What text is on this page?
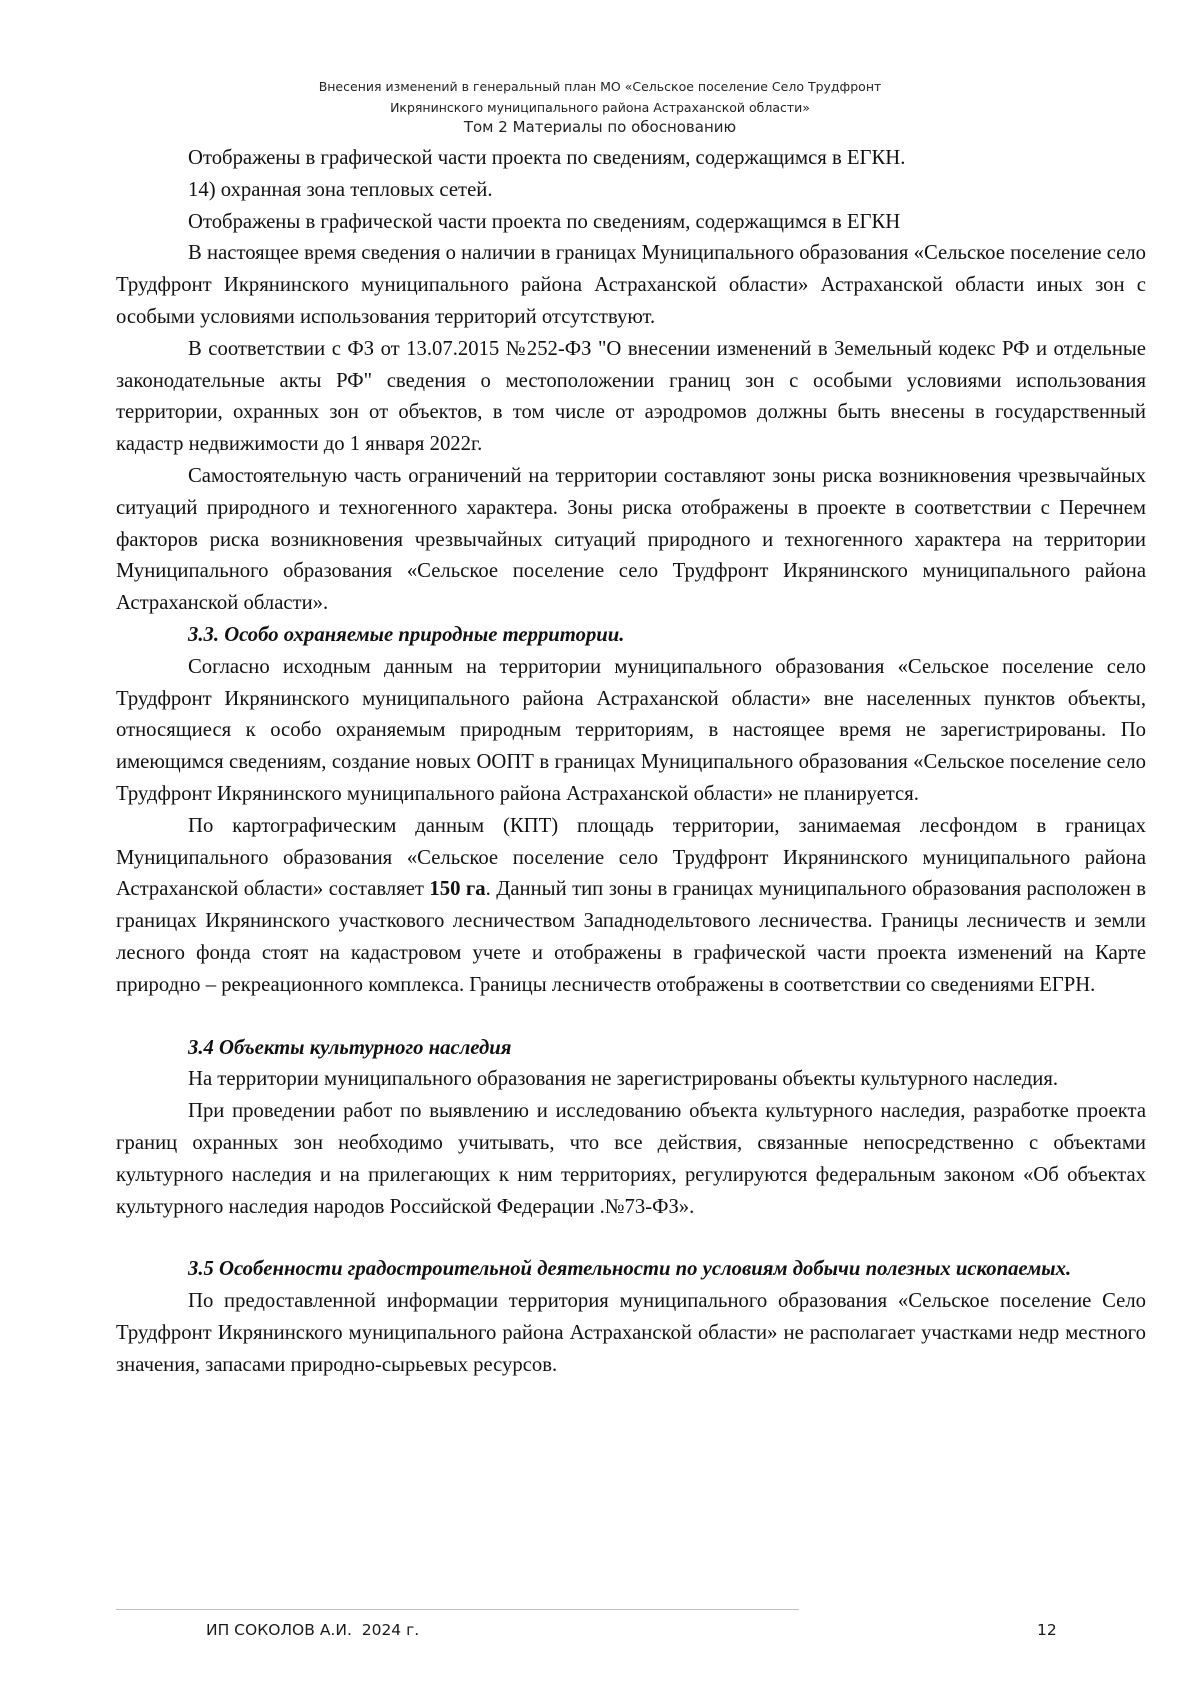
Внесения изменений в генеральный план МО «Сельское поселение Село Трудфронт
Икрянинского муниципального района Астраханской области»
Том 2 Материалы по обоснованию

Отображены в графической части проекта по сведениям, содержащимся в ЕГКН.

14) охранная зона тепловых сетей.

Отображены в графической части проекта по сведениям, содержащимся в ЕГКН

В настоящее время сведения о наличии в границах Муниципального образования «Сельское поселение село Трудфронт Икрянинского муниципального района Астраханской области» Астраханской области иных зон с особыми условиями использования территорий отсутствуют.

В соответствии с ФЗ от 13.07.2015 №252-ФЗ "О внесении изменений в Земельный кодекс РФ и отдельные законодательные акты РФ" сведения о местоположении границ зон с особыми условиями использования территории, охранных зон от объектов, в том числе от аэродромов должны быть внесены в государственный кадастр недвижимости до 1 января 2022г.

Самостоятельную часть ограничений на территории составляют зоны риска возникновения чрезвычайных ситуаций природного и техногенного характера. Зоны риска отображены в проекте в соответствии с Перечнем факторов риска возникновения чрезвычайных ситуаций природного и техногенного характера на территории Муниципального образования «Сельское поселение село Трудфронт Икрянинского муниципального района Астраханской области».

3.3. Особо охраняемые природные территории.

Согласно исходным данным на территории муниципального образования «Сельское поселение село Трудфронт Икрянинского муниципального района Астраханской области» вне населенных пунктов объекты, относящиеся к особо охраняемым природным территориям, в настоящее время не зарегистрированы. По имеющимся сведениям, создание новых ООПТ в границах Муниципального образования «Сельское поселение село Трудфронт Икрянинского муниципального района Астраханской области» не планируется.

По картографическим данным (КПТ) площадь территории, занимаемая лесфондом в границах Муниципального образования «Сельское поселение село Трудфронт Икрянинского муниципального района Астраханской области» составляет 150 га. Данный тип зоны в границах муниципального образования расположен в границах Икрянинского участкового лесничеством Западнодельтового лесничества. Границы лесничеств и земли лесного фонда стоят на кадастровом учете и отображены в графической части проекта изменений на Карте природно – рекреационного комплекса. Границы лесничеств отображены в соответствии со сведениями ЕГРН.

3.4 Объекты культурного наследия

На территории муниципального образования не зарегистрированы объекты культурного наследия.

При проведении работ по выявлению и исследованию объекта культурного наследия, разработке проекта границ охранных зон необходимо учитывать, что все действия, связанные непосредственно с объектами культурного наследия и на прилегающих к ним территориях, регулируются федеральным законом «Об объектах культурного наследия народов Российской Федерации .№73-ФЗ».

3.5 Особенности градостроительной деятельности по условиям добычи полезных ископаемых.

По предоставленной информации территория муниципального образования «Сельское поселение Село Трудфронт Икрянинского муниципального района Астраханской области» не располагает участками недр местного значения, запасами природно-сырьевых ресурсов.

ИП СОКОЛОВ А.И.  2024 г.	12
